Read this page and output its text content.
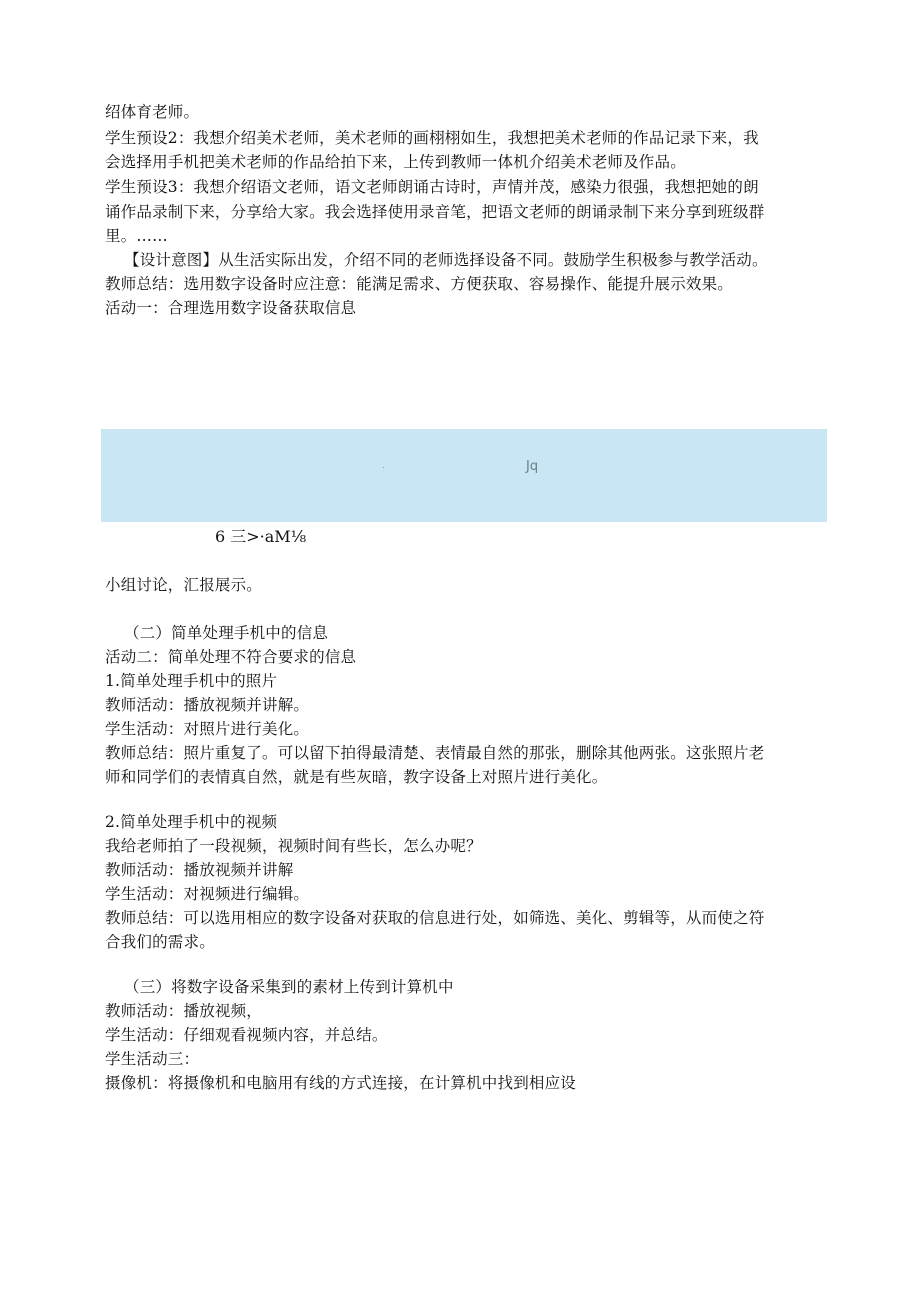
绍体育老师。
学生预设2：我想介绍美术老师，美术老师的画栩栩如生，我想把美术老师的作品记录下来，我
会选择用手机把美术老师的作品给拍下来，上传到教师一体机介绍美术老师及作品。
学生预设3：我想介绍语文老师，语文老师朗诵古诗时，声情并茂，感染力很强，我想把她的朗
诵作品录制下来，分享给大家。我会选择使用录音笔，把语文老师的朗诵录制下来分享到班级群
里。……
【设计意图】从生活实际出发，介绍不同的老师选择设备不同。鼓励学生积极参与教学活动。
教师总结：选用数字设备时应注意：能满足需求、方便获取、容易操作、能提升展示效果。
活动一：合理选用数字设备获取信息
Jq
6 三>·aM⅛
小组讨论，汇报展示。
（二）简单处理手机中的信息
活动二：简单处理不符合要求的信息
1.简单处理手机中的照片
教师活动：播放视频并讲解。
学生活动：对照片进行美化。
教师总结：照片重复了。可以留下拍得最清楚、表情最自然的那张，删除其他两张。这张照片老
师和同学们的表情真自然，就是有些灰暗，教字设备上对照片进行美化。
2.简单处理手机中的视频
我给老师拍了一段视频，视频时间有些长，怎么办呢？
教师活动：播放视频并讲解
学生活动：对视频进行编辑。
教师总结：可以选用相应的数字设备对获取的信息进行处，如筛选、美化、剪辑等，从而使之符
合我们的需求。
（三）将数字设备采集到的素材上传到计算机中
教师活动：播放视频，
学生活动：仔细观看视频内容，并总结。
学生活动三：
摄像机：将摄像机和电脑用有线的方式连接，在计算机中找到相应设
